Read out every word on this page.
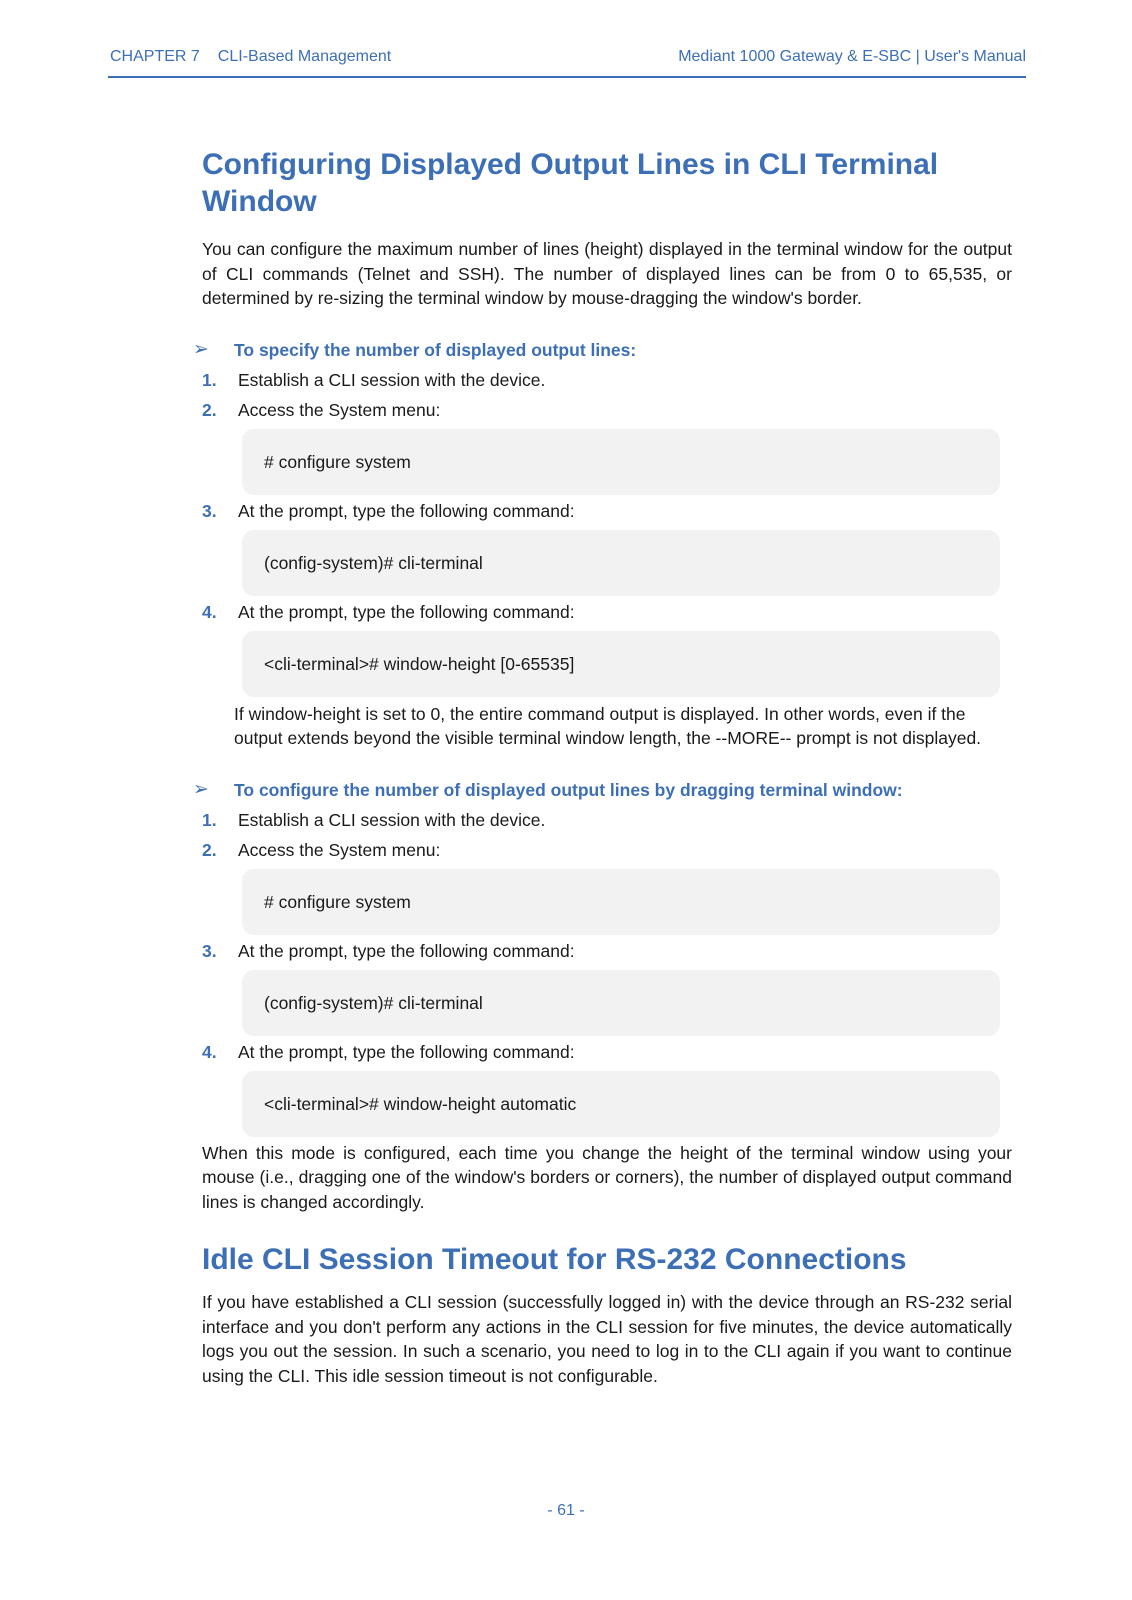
CHAPTER 7 CLI-Based Management	Mediant 1000 Gateway & E-SBC | User's Manual
Configuring Displayed Output Lines in CLI Terminal Window

You can configure the maximum number of lines (height) displayed in the terminal window for the output of CLI commands (Telnet and SSH). The number of displayed lines can be from 0 to 65,535, or determined by re-sizing the terminal window by mouse-dragging the window's border.

➢ To specify the number of displayed output lines:
1. Establish a CLI session with the device.
2. Access the System menu:
# configure system
3. At the prompt, type the following command:
(config-system)# cli-terminal
4. At the prompt, type the following command:
<cli-terminal># window-height [0-65535]

If window-height is set to 0, the entire command output is displayed. In other words, even if the output extends beyond the visible terminal window length, the --MORE-- prompt is not displayed.

➢ To configure the number of displayed output lines by dragging terminal window:
1. Establish a CLI session with the device.
2. Access the System menu:
# configure system
3. At the prompt, type the following command:
(config-system)# cli-terminal
4. At the prompt, type the following command:
<cli-terminal># window-height automatic

When this mode is configured, each time you change the height of the terminal window using your mouse (i.e., dragging one of the window's borders or corners), the number of displayed output command lines is changed accordingly.

Idle CLI Session Timeout for RS-232 Connections

If you have established a CLI session (successfully logged in) with the device through an RS-232 serial interface and you don't perform any actions in the CLI session for five minutes, the device automatically logs you out the session. In such a scenario, you need to log in to the CLI again if you want to continue using the CLI. This idle session timeout is not configurable.

- 61 -
